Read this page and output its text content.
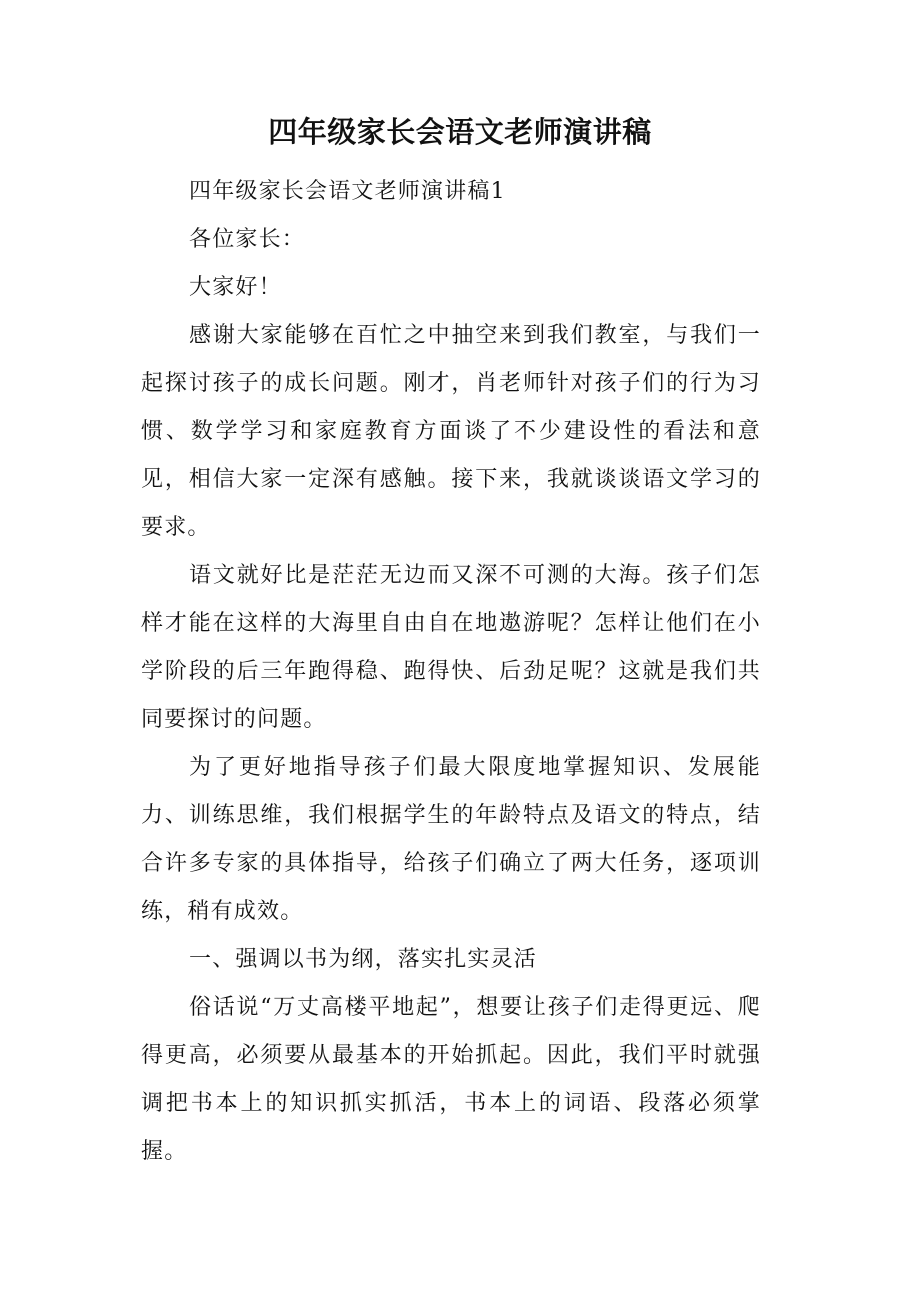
四年级家长会语文老师演讲稿

四年级家长会语文老师演讲稿1

各位家长：

大家好！

感谢大家能够在百忙之中抽空来到我们教室，与我们一起探讨孩子的成长问题。刚才，肖老师针对孩子们的行为习惯、数学学习和家庭教育方面谈了不少建设性的看法和意见，相信大家一定深有感触。接下来，我就谈谈语文学习的要求。

语文就好比是茫茫无边而又深不可测的大海。孩子们怎样才能在这样的大海里自由自在地遨游呢？怎样让他们在小学阶段的后三年跑得稳、跑得快、后劲足呢？这就是我们共同要探讨的问题。

为了更好地指导孩子们最大限度地掌握知识、发展能力、训练思维，我们根据学生的年龄特点及语文的特点，结合许多专家的具体指导，给孩子们确立了两大任务，逐项训练，稍有成效。

一、强调以书为纲，落实扎实灵活

俗话说“万丈高楼平地起”，想要让孩子们走得更远、爬得更高，必须要从最基本的开始抓起。因此，我们平时就强调把书本上的知识抓实抓活，书本上的词语、段落必须掌握。
